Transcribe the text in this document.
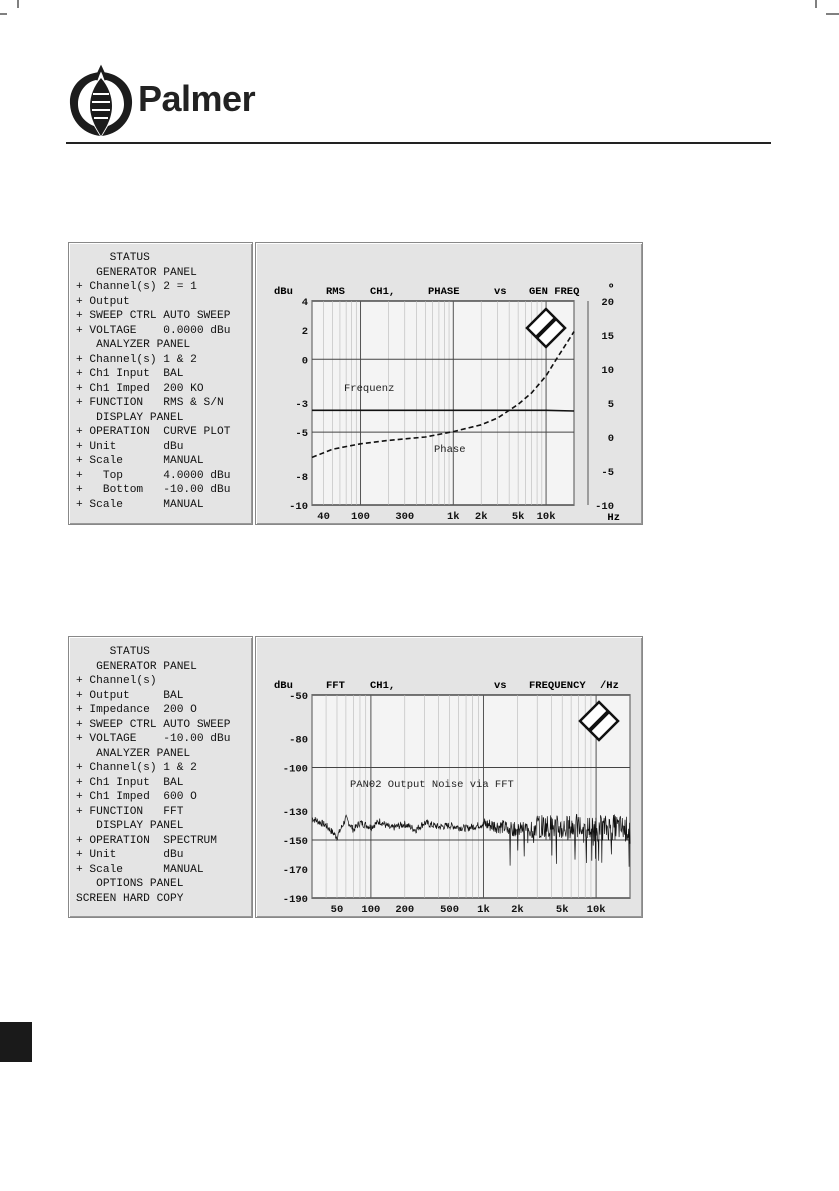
Palmer
STATUS
GENERATOR PANEL
+ Channel(s) 2 = 1
+ Output
+ SWEEP CTRL AUTO SWEEP
+ VOLTAGE    0.0000 dBu
ANALYZER PANEL
+ Channel(s) 1 & 2
+ Ch1 Input  BAL
+ Ch1 Imped  200 KO
+ FUNCTION   RMS & S/N
DISPLAY PANEL
+ OPERATION  CURVE PLOT
+ Unit       dBu
+ Scale      MANUAL
+   Top      4.0000 dBu
+   Bottom   -10.00 dBu
+ Scale      MANUAL
4
2
0
-3
-5
-8
-10
40 100 300	1k 2k 5k 10k
20
15
10
5
0
-5
-10
dBu	RMS CH1,	PHASE	vs GEN FREQ	º
Hz
Frequenz
Phase
STATUS
GENERATOR PANEL
+ Channel(s)
+ Output     BAL
+ Impedance  200 O
+ SWEEP CTRL AUTO SWEEP
+ VOLTAGE    -10.00 dBu
ANALYZER PANEL
+ Channel(s) 1 & 2
+ Ch1 Input  BAL
+ Ch1 Imped  600 O
+ FUNCTION   FFT
DISPLAY PANEL
+ OPERATION  SPECTRUM
+ Unit       dBu
+ Scale      MANUAL
OPTIONS PANEL
SCREEN HARD COPY
-50
-80
-100
-130
-150
-170
-190
50 100 200 500 1k 2k	5k 10k
dBu	FFT CH1,	vs FREQUENCY /Hz
PAN02 Output Noise via FFT
